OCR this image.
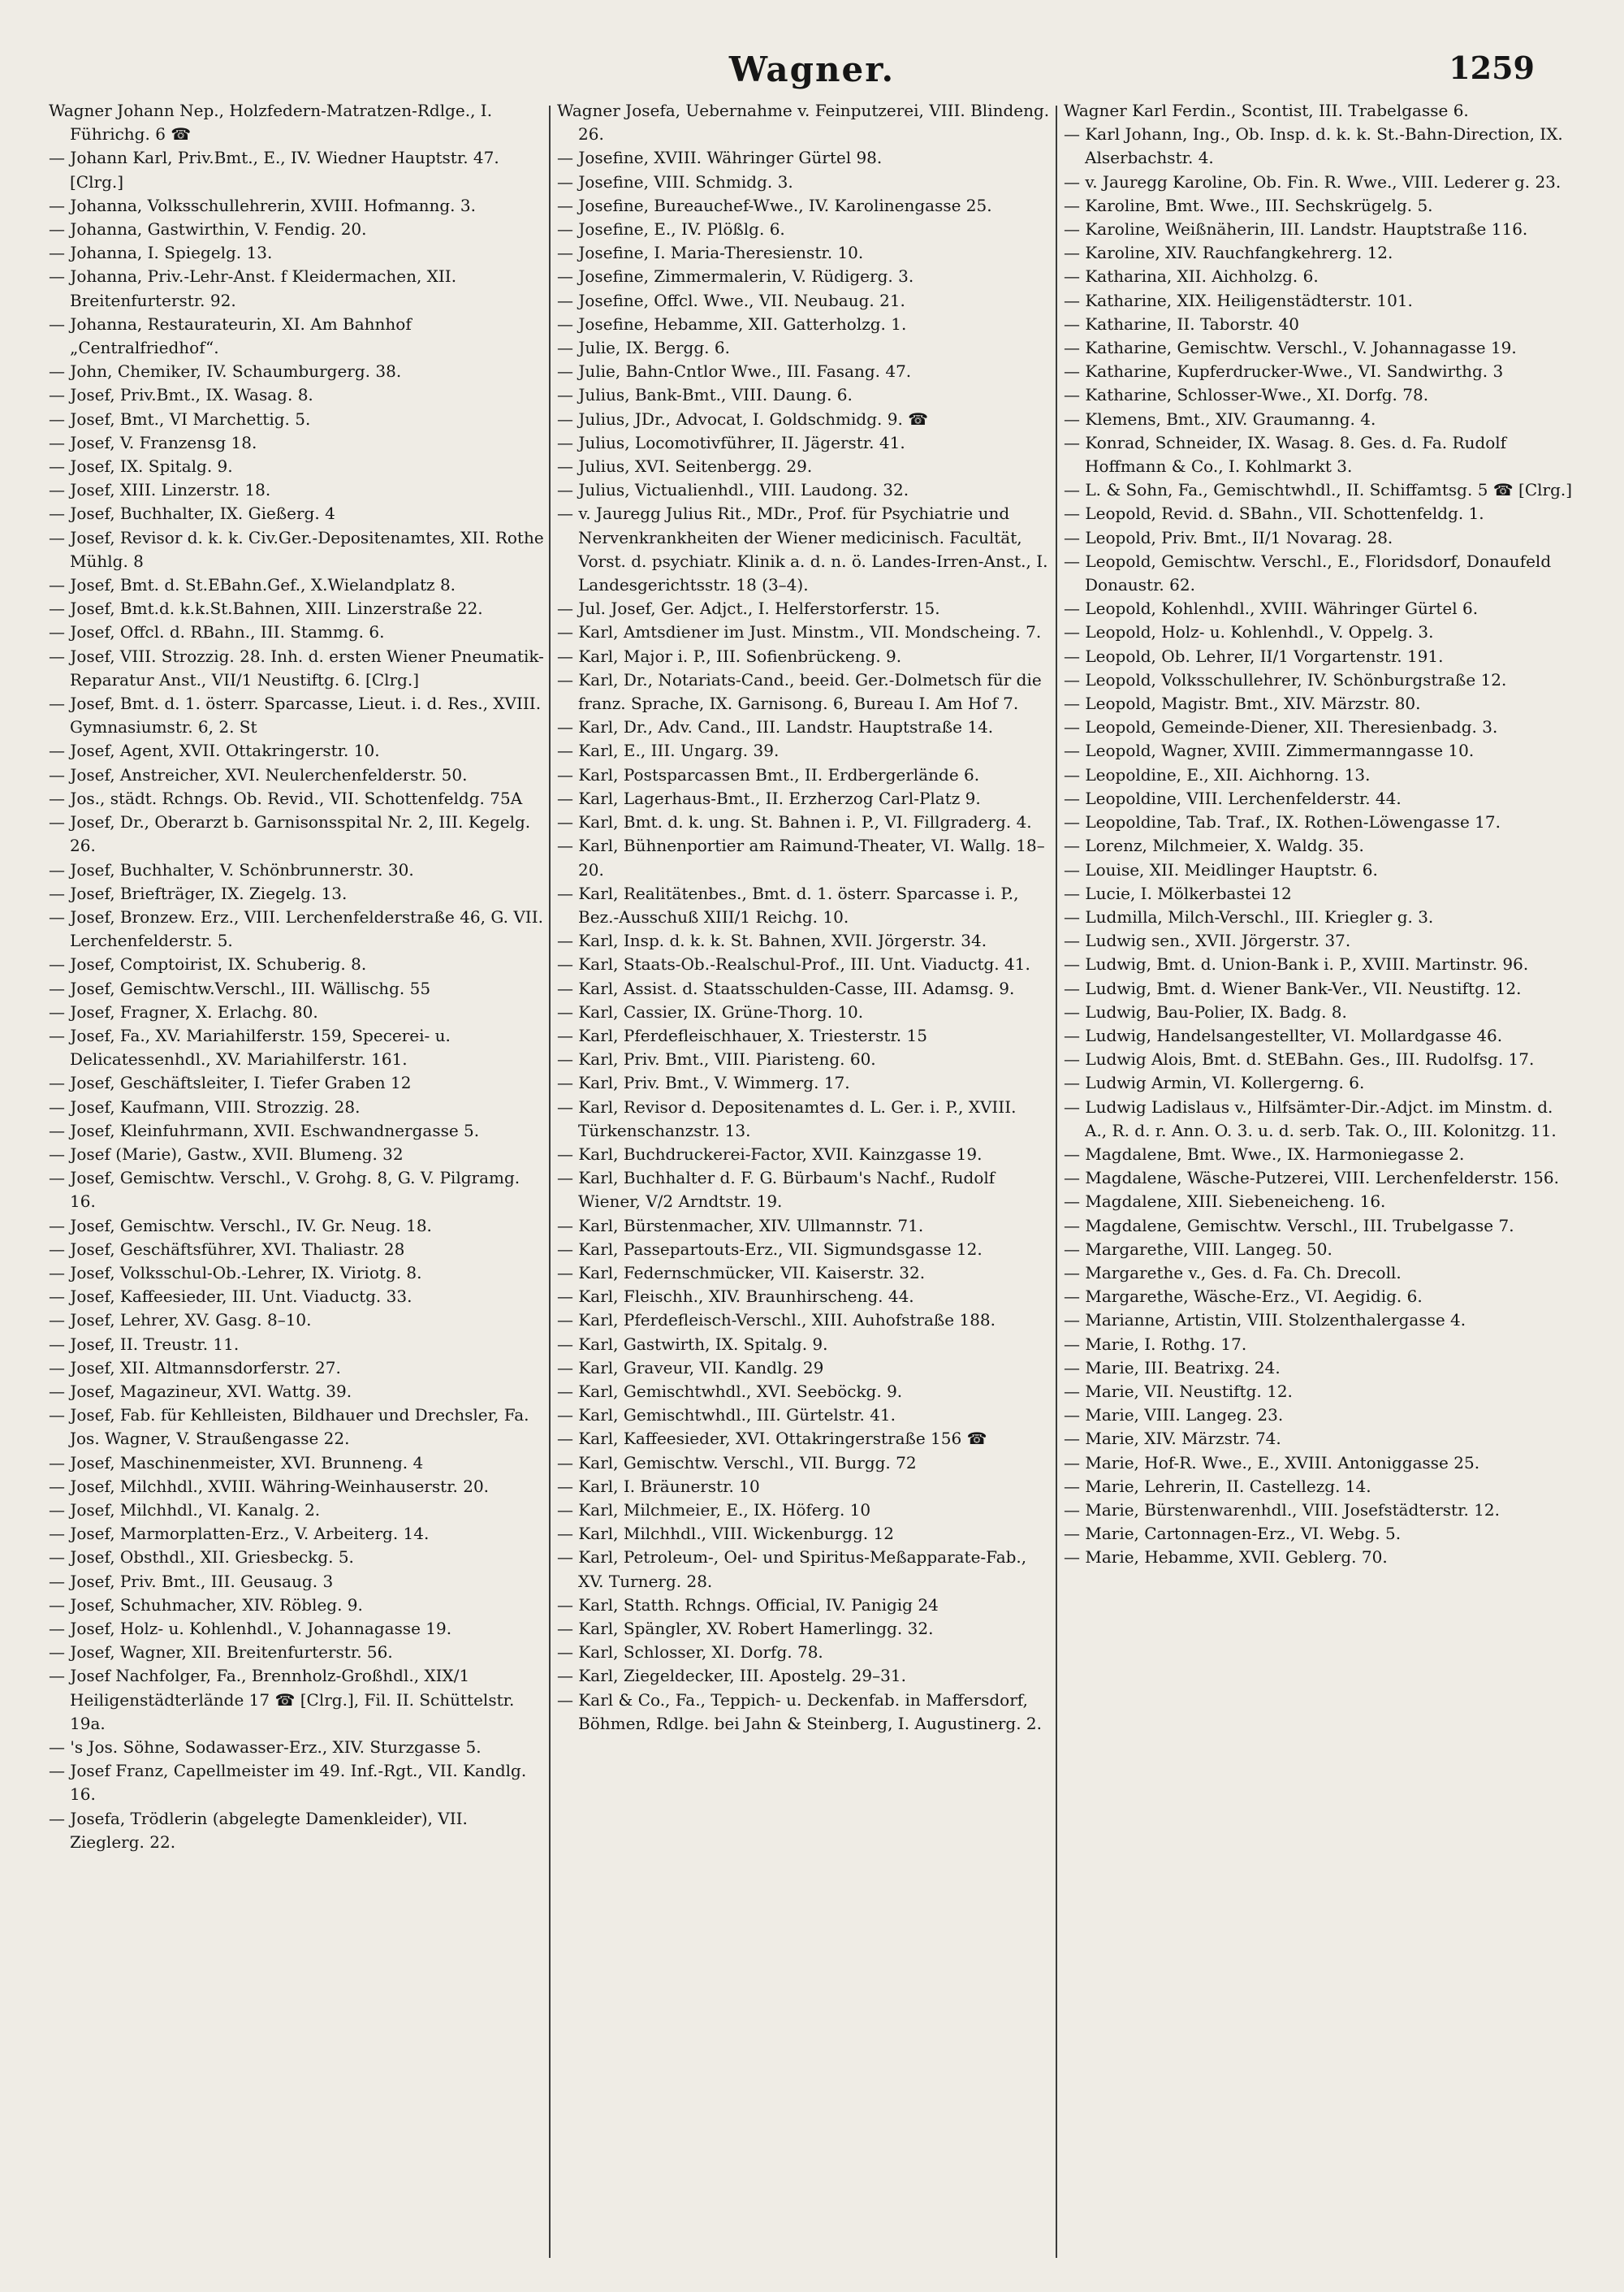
Wagner.	1259

Wagner Johann Nep., Holzfedern-Matratzen-Rdlge., I. Führichg. 6 ☎

— Johann Karl, Priv.Bmt., E., IV. Wiedner Hauptstr. 47. [Clrg.]

— Johanna, Volksschullehrerin, XVIII. Hofmanng. 3.

— Johanna, Gastwirthin, V. Fendig. 20.

— Johanna, I. Spiegelg. 13.

— Johanna, Priv.-Lehr-Anst. f Kleidermachen, XII. Breitenfurterstr. 92.

— Johanna, Restaurateurin, XI. Am Bahnhof „Centralfriedhof“.

— John, Chemiker, IV. Schaumburgerg. 38.

— Josef, Priv.Bmt., IX. Wasag. 8.

— Josef, Bmt., VI Marchettig. 5.

— Josef, V. Franzensg 18.

— Josef, IX. Spitalg. 9.

— Josef, XIII. Linzerstr. 18.

— Josef, Buchhalter, IX. Gießerg. 4

— Josef, Revisor d. k. k. Civ.Ger.-Depositenamtes, XII. Rothe Mühlg. 8

— Josef, Bmt. d. St.EBahn.Gef., X.Wielandplatz 8.

— Josef, Bmt.d. k.k.St.Bahnen, XIII. Linzerstraße 22.

— Josef, Offcl. d. RBahn., III. Stammg. 6.

— Josef, VIII. Strozzig. 28. Inh. d. ersten Wiener Pneumatik-Reparatur Anst., VII/1 Neustiftg. 6. [Clrg.]

— Josef, Bmt. d. 1. österr. Sparcasse, Lieut. i. d. Res., XVIII. Gymnasiumstr. 6, 2. St

— Josef, Agent, XVII. Ottakringerstr. 10.

— Josef, Anstreicher, XVI. Neulerchenfelderstr. 50.

— Jos., städt. Rchngs. Ob. Revid., VII. Schottenfeldg. 75A

— Josef, Dr., Oberarzt b. Garnisonsspital Nr. 2, III. Kegelg. 26.

— Josef, Buchhalter, V. Schönbrunnerstr. 30.

— Josef, Briefträger, IX. Ziegelg. 13.

— Josef, Bronzew. Erz., VIII. Lerchenfelderstraße 46, G. VII. Lerchenfelderstr. 5.

— Josef, Comptoirist, IX. Schuberig. 8.

— Josef, Gemischtw.Verschl., III. Wällischg. 55

— Josef, Fragner, X. Erlachg. 80.

— Josef, Fa., XV. Mariahilferstr. 159, Specerei- u. Delicatessenhdl., XV. Mariahilferstr. 161.

— Josef, Geschäftsleiter, I. Tiefer Graben 12

— Josef, Kaufmann, VIII. Strozzig. 28.

— Josef, Kleinfuhrmann, XVII. Eschwandnergasse 5.

— Josef (Marie), Gastw., XVII. Blumeng. 32

— Josef, Gemischtw. Verschl., V. Grohg. 8, G. V. Pilgramg. 16.

— Josef, Gemischtw. Verschl., IV. Gr. Neug. 18.

— Josef, Geschäftsführer, XVI. Thaliastr. 28

— Josef, Volksschul-Ob.-Lehrer, IX. Viriotg. 8.

— Josef, Kaffeesieder, III. Unt. Viaductg. 33.

— Josef, Lehrer, XV. Gasg. 8–10.

— Josef, II. Treustr. 11.

— Josef, XII. Altmannsdorferstr. 27.

— Josef, Magazineur, XVI. Wattg. 39.

— Josef, Fab. für Kehlleisten, Bildhauer und Drechsler, Fa. Jos. Wagner, V. Straußengasse 22.

— Josef, Maschinenmeister, XVI. Brunneng. 4

— Josef, Milchhdl., XVIII. Währing-Weinhauserstr. 20.

— Josef, Milchhdl., VI. Kanalg. 2.

— Josef, Marmorplatten-Erz., V. Arbeiterg. 14.

— Josef, Obsthdl., XII. Griesbeckg. 5.

— Josef, Priv. Bmt., III. Geusaug. 3

— Josef, Schuhmacher, XIV. Röbleg. 9.

— Josef, Holz- u. Kohlenhdl., V. Johannagasse 19.

— Josef, Wagner, XII. Breitenfurterstr. 56.

— Josef Nachfolger, Fa., Brennholz-Großhdl., XIX/1 Heiligenstädterlände 17 ☎ [Clrg.], Fil. II. Schüttelstr. 19a.

— 's Jos. Söhne, Sodawasser-Erz., XIV. Sturzgasse 5.

— Josef Franz, Capellmeister im 49. Inf.-Rgt., VII. Kandlg. 16.

— Josefa, Trödlerin (abgelegte Damenkleider), VII. Zieglerg. 22.

Wagner Josefa, Uebernahme v. Feinputzerei, VIII. Blindeng. 26.

— Josefine, XVIII. Währinger Gürtel 98.

— Josefine, VIII. Schmidg. 3.

— Josefine, Bureauchef-Wwe., IV. Karolinengasse 25.

— Josefine, E., IV. Plößlg. 6.

— Josefine, I. Maria-Theresienstr. 10.

— Josefine, Zimmermalerin, V. Rüdigerg. 3.

— Josefine, Offcl. Wwe., VII. Neubaug. 21.

— Josefine, Hebamme, XII. Gatterholzg. 1.

— Julie, IX. Bergg. 6.

— Julie, Bahn-Cntlor Wwe., III. Fasang. 47.

— Julius, Bank-Bmt., VIII. Daung. 6.

— Julius, JDr., Advocat, I. Goldschmidg. 9. ☎

— Julius, Locomotivführer, II. Jägerstr. 41.

— Julius, XVI. Seitenbergg. 29.

— Julius, Victualienhdl., VIII. Laudong. 32.

— v. Jauregg Julius Rit., MDr., Prof. für Psychiatrie und Nervenkrankheiten der Wiener medicinisch. Facultät, Vorst. d. psychiatr. Klinik a. d. n. ö. Landes-Irren-Anst., I. Landesgerichtsstr. 18 (3–4).

— Jul. Josef, Ger. Adjct., I. Helferstorferstr. 15.

— Karl, Amtsdiener im Just. Minstm., VII. Mondscheing. 7.

— Karl, Major i. P., III. Sofienbrückeng. 9.

— Karl, Dr., Notariats-Cand., beeid. Ger.-Dolmetsch für die franz. Sprache, IX. Garnisong. 6, Bureau I. Am Hof 7.

— Karl, Dr., Adv. Cand., III. Landstr. Hauptstraße 14.

— Karl, E., III. Ungarg. 39.

— Karl, Postsparcassen Bmt., II. Erdbergerlände 6.

— Karl, Lagerhaus-Bmt., II. Erzherzog Carl-Platz 9.

— Karl, Bmt. d. k. ung. St. Bahnen i. P., VI. Fillgraderg. 4.

— Karl, Bühnenportier am Raimund-Theater, VI. Wallg. 18–20.

— Karl, Realitätenbes., Bmt. d. 1. österr. Sparcasse i. P., Bez.-Ausschuß XIII/1 Reichg. 10.

— Karl, Insp. d. k. k. St. Bahnen, XVII. Jörgerstr. 34.

— Karl, Staats-Ob.-Realschul-Prof., III. Unt. Viaductg. 41.

— Karl, Assist. d. Staatsschulden-Casse, III. Adamsg. 9.

— Karl, Cassier, IX. Grüne-Thorg. 10.

— Karl, Pferdefleischhauer, X. Triesterstr. 15

— Karl, Priv. Bmt., VIII. Piaristeng. 60.

— Karl, Priv. Bmt., V. Wimmerg. 17.

— Karl, Revisor d. Depositenamtes d. L. Ger. i. P., XVIII. Türkenschanzstr. 13.

— Karl, Buchdruckerei-Factor, XVII. Kainzgasse 19.

— Karl, Buchhalter d. F. G. Bürbaum's Nachf., Rudolf Wiener, V/2 Arndtstr. 19.

— Karl, Bürstenmacher, XIV. Ullmannstr. 71.

— Karl, Passepartouts-Erz., VII. Sigmundsgasse 12.

— Karl, Federnschmücker, VII. Kaiserstr. 32.

— Karl, Fleischh., XIV. Braunhirscheng. 44.

— Karl, Pferdefleisch-Verschl., XIII. Auhofstraße 188.

— Karl, Gastwirth, IX. Spitalg. 9.

— Karl, Graveur, VII. Kandlg. 29

— Karl, Gemischtwhdl., XVI. Seeböckg. 9.

— Karl, Gemischtwhdl., III. Gürtelstr. 41.

— Karl, Kaffeesieder, XVI. Ottakringerstraße 156 ☎

— Karl, Gemischtw. Verschl., VII. Burgg. 72

— Karl, I. Bräunerstr. 10

— Karl, Milchmeier, E., IX. Höferg. 10

— Karl, Milchhdl., VIII. Wickenburgg. 12

— Karl, Petroleum-, Oel- und Spiritus-Meßapparate-Fab., XV. Turnerg. 28.

— Karl, Statth. Rchngs. Official, IV. Panigig 24

— Karl, Spängler, XV. Robert Hamerlingg. 32.

— Karl, Schlosser, XI. Dorfg. 78.

— Karl, Ziegeldecker, III. Apostelg. 29–31.

— Karl & Co., Fa., Teppich- u. Deckenfab. in Maffersdorf, Böhmen, Rdlge. bei Jahn & Steinberg, I. Augustinerg. 2.

Wagner Karl Ferdin., Scontist, III. Trabelgasse 6.

— Karl Johann, Ing., Ob. Insp. d. k. k. St.-Bahn-Direction, IX. Alserbachstr. 4.

— v. Jauregg Karoline, Ob. Fin. R. Wwe., VIII. Lederer g. 23.

— Karoline, Bmt. Wwe., III. Sechskrügelg. 5.

— Karoline, Weißnäherin, III. Landstr. Hauptstraße 116.

— Karoline, XIV. Rauchfangkehrerg. 12.

— Katharina, XII. Aichholzg. 6.

— Katharine, XIX. Heiligenstädterstr. 101.

— Katharine, II. Taborstr. 40

— Katharine, Gemischtw. Verschl., V. Johannagasse 19.

— Katharine, Kupferdrucker-Wwe., VI. Sandwirthg. 3

— Katharine, Schlosser-Wwe., XI. Dorfg. 78.

— Klemens, Bmt., XIV. Graumanng. 4.

— Konrad, Schneider, IX. Wasag. 8. Ges. d. Fa. Rudolf Hoffmann & Co., I. Kohlmarkt 3.

— L. & Sohn, Fa., Gemischtwhdl., II. Schiffamtsg. 5 ☎ [Clrg.]

— Leopold, Revid. d. SBahn., VII. Schottenfeldg. 1.

— Leopold, Priv. Bmt., II/1 Novarag. 28.

— Leopold, Gemischtw. Verschl., E., Floridsdorf, Donaufeld Donaustr. 62.

— Leopold, Kohlenhdl., XVIII. Währinger Gürtel 6.

— Leopold, Holz- u. Kohlenhdl., V. Oppelg. 3.

— Leopold, Ob. Lehrer, II/1 Vorgartenstr. 191.

— Leopold, Volksschullehrer, IV. Schönburgstraße 12.

— Leopold, Magistr. Bmt., XIV. Märzstr. 80.

— Leopold, Gemeinde-Diener, XII. Theresienbadg. 3.

— Leopold, Wagner, XVIII. Zimmermanngasse 10.

— Leopoldine, E., XII. Aichhorng. 13.

— Leopoldine, VIII. Lerchenfelderstr. 44.

— Leopoldine, Tab. Traf., IX. Rothen-Löwengasse 17.

— Lorenz, Milchmeier, X. Waldg. 35.

— Louise, XII. Meidlinger Hauptstr. 6.

— Lucie, I. Mölkerbastei 12

— Ludmilla, Milch-Verschl., III. Kriegler g. 3.

— Ludwig sen., XVII. Jörgerstr. 37.

— Ludwig, Bmt. d. Union-Bank i. P., XVIII. Martinstr. 96.

— Ludwig, Bmt. d. Wiener Bank-Ver., VII. Neustiftg. 12.

— Ludwig, Bau-Polier, IX. Badg. 8.

— Ludwig, Handelsangestellter, VI. Mollardgasse 46.

— Ludwig Alois, Bmt. d. StEBahn. Ges., III. Rudolfsg. 17.

— Ludwig Armin, VI. Kollergerng. 6.

— Ludwig Ladislaus v., Hilfsämter-Dir.-Adjct. im Minstm. d. A., R. d. r. Ann. O. 3. u. d. serb. Tak. O., III. Kolonitzg. 11.

— Magdalene, Bmt. Wwe., IX. Harmoniegasse 2.

— Magdalene, Wäsche-Putzerei, VIII. Lerchenfelderstr. 156.

— Magdalene, XIII. Siebeneicheng. 16.

— Magdalene, Gemischtw. Verschl., III. Trubelgasse 7.

— Margarethe, VIII. Langeg. 50.

— Margarethe v., Ges. d. Fa. Ch. Drecoll.

— Margarethe, Wäsche-Erz., VI. Aegidig. 6.

— Marianne, Artistin, VIII. Stolzenthalergasse 4.

— Marie, I. Rothg. 17.

— Marie, III. Beatrixg. 24.

— Marie, VII. Neustiftg. 12.

— Marie, VIII. Langeg. 23.

— Marie, XIV. Märzstr. 74.

— Marie, Hof-R. Wwe., E., XVIII. Antoniggasse 25.

— Marie, Lehrerin, II. Castellezg. 14.

— Marie, Bürstenwarenhdl., VIII. Josefstädterstr. 12.

— Marie, Cartonnagen-Erz., VI. Webg. 5.

— Marie, Hebamme, XVII. Geblerg. 70.
